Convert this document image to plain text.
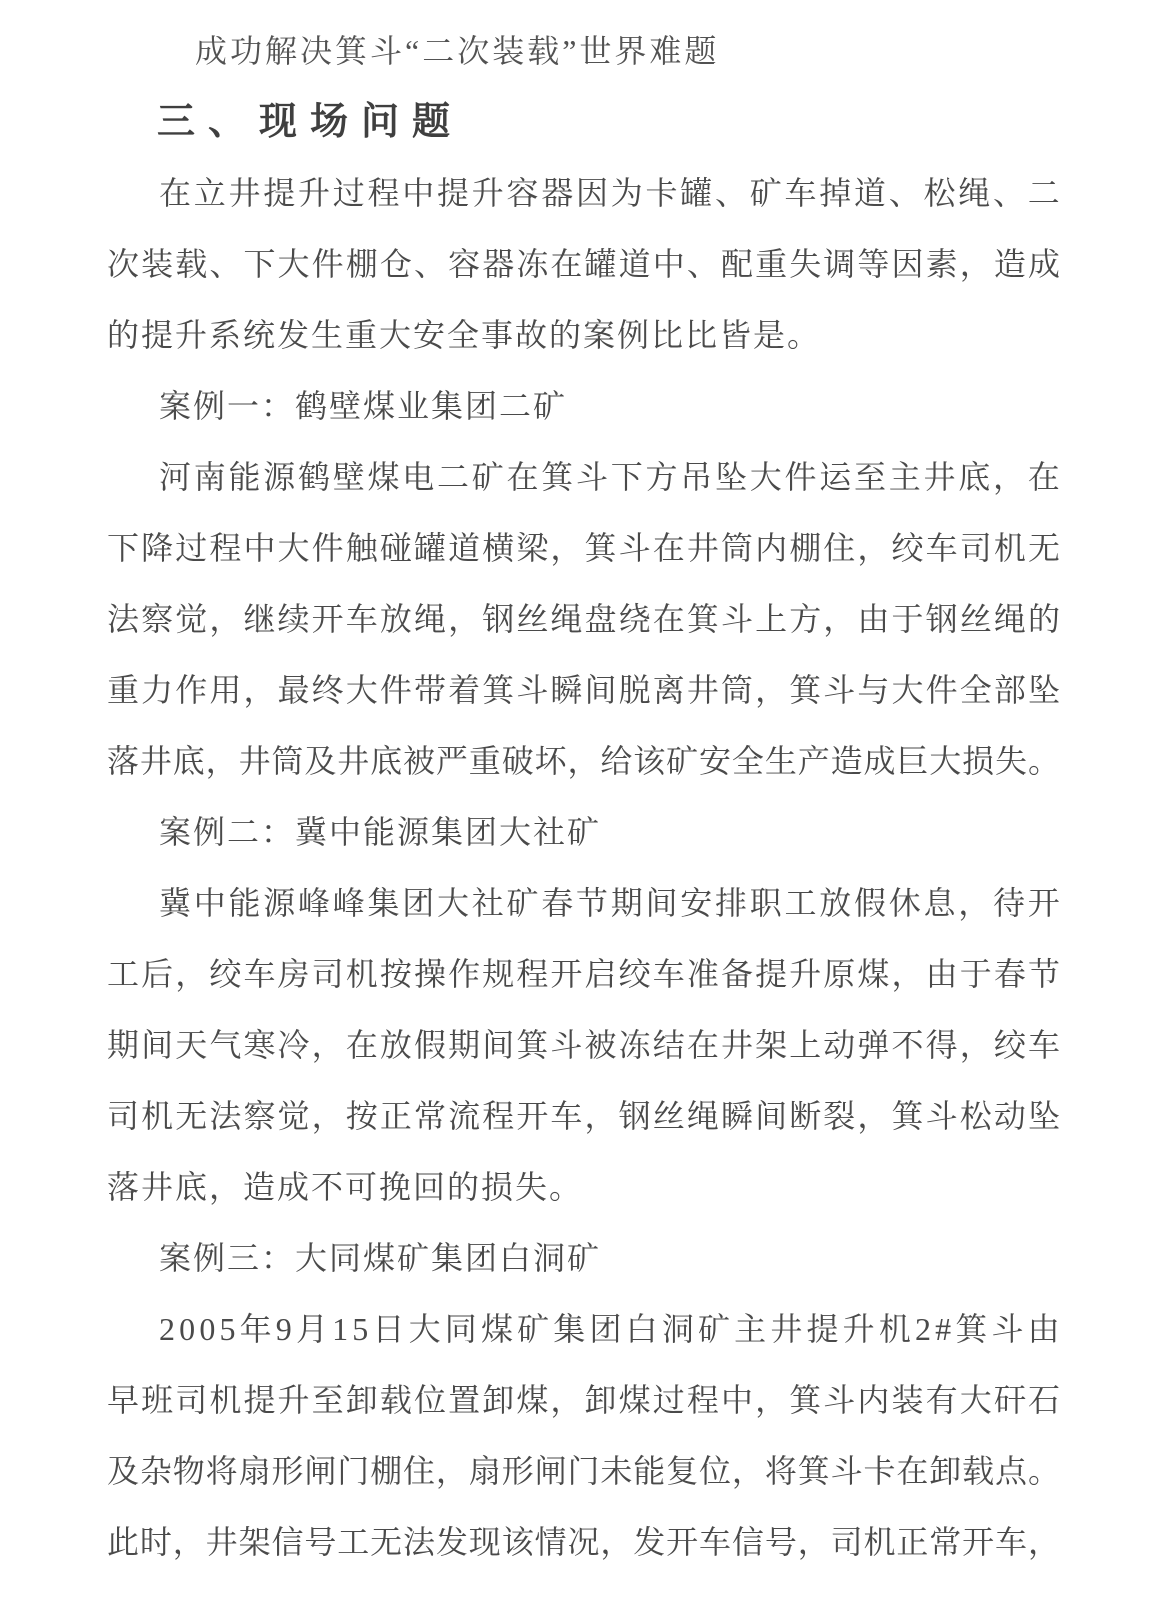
成功解决箕斗“二次装载”世界难题
三、现场问题
在 立 井 提 升 过 程 中 提 升 容 器 因 为 卡 罐 、 矿 车 掉 道 、 松 绳 、 二
次 装 载 、 下 大 件 棚 仓 、 容 器 冻 在 罐 道 中 、 配 重 失 调 等 因 素 ， 造 成
的提升系统发生重大安全事故的案例比比皆是。
案例一：鹤壁煤业集团二矿
河 南 能 源 鹤 壁 煤 电 二 矿 在 箕 斗 下 方 吊 坠 大 件 运 至 主 井 底 ， 在
下 降 过 程 中 大 件 触 碰 罐 道 横 梁 ， 箕 斗 在 井 筒 内 棚 住 ， 绞 车 司 机 无
法 察 觉 ， 继 续 开 车 放 绳 ， 钢 丝 绳 盘 绕 在 箕 斗 上 方 ， 由 于 钢 丝 绳 的
重 力 作 用 ， 最 终 大 件 带 着 箕 斗 瞬 间 脱 离 井 筒 ， 箕 斗 与 大 件 全 部 坠
落 井 底 ， 井 筒 及 井 底 被 严 重 破 坏 ， 给 该 矿 安 全 生 产 造 成 巨 大 损 失 。
案例二：冀中能源集团大社矿
冀 中 能 源 峰 峰 集 团 大 社 矿 春 节 期 间 安 排 职 工 放 假 休 息 ， 待 开
工 后 ， 绞 车 房 司 机 按 操 作 规 程 开 启 绞 车 准 备 提 升 原 煤 ， 由 于 春 节
期 间 天 气 寒 冷 ， 在 放 假 期 间 箕 斗 被 冻 结 在 井 架 上 动 弹 不 得 ， 绞 车
司 机 无 法 察 觉 ， 按 正 常 流 程 开 车 ， 钢 丝 绳 瞬 间 断 裂 ， 箕 斗 松 动 坠
落井底，造成不可挽回的损失。
案例三：大同煤矿集团白洞矿
2 0 0 5 年 9 月 1 5 日 大 同 煤 矿 集 团 白 洞 矿 主 井 提 升 机 2 # 箕 斗 由
早 班 司 机 提 升 至 卸 载 位 置 卸 煤 ， 卸 煤 过 程 中 ， 箕 斗 内 装 有 大 矸 石
及 杂 物 将 扇 形 闸 门 棚 住 ， 扇 形 闸 门 未 能 复 位 ， 将 箕 斗 卡 在 卸 载 点 。
此 时 ， 井 架 信 号 工 无 法 发 现 该 情 况 ， 发 开 车 信 号 ， 司 机 正 常 开 车 ，
